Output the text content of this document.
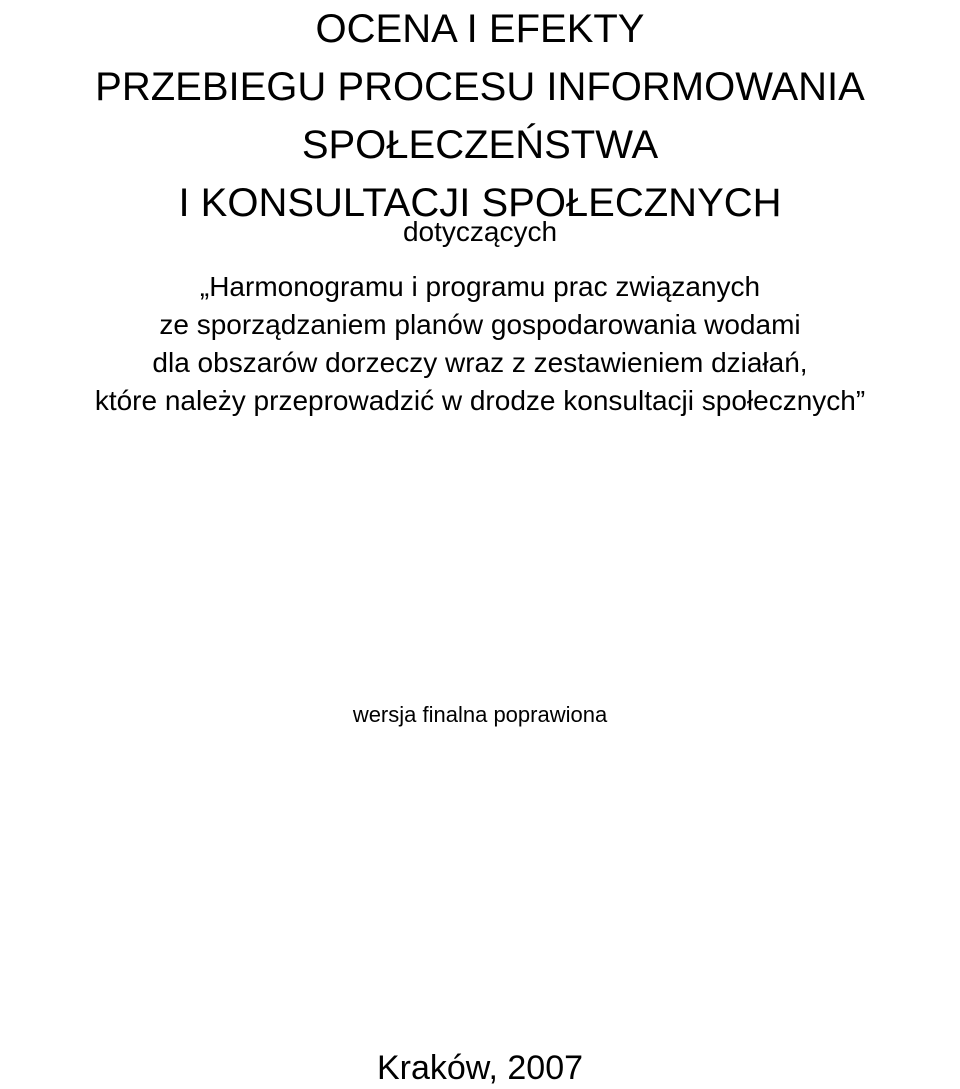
OCENA I EFEKTY
PRZEBIEGU PROCESU INFORMOWANIA
SPOŁECZEŃSTWA
I KONSULTACJI SPOŁECZNYCH
dotyczących
„Harmonogramu i programu prac związanych
ze sporządzaniem planów gospodarowania wodami
dla obszarów dorzeczy wraz z zestawieniem działań,
które należy przeprowadzić w drodze konsultacji społecznych”
wersja finalna poprawiona
Kraków, 2007
